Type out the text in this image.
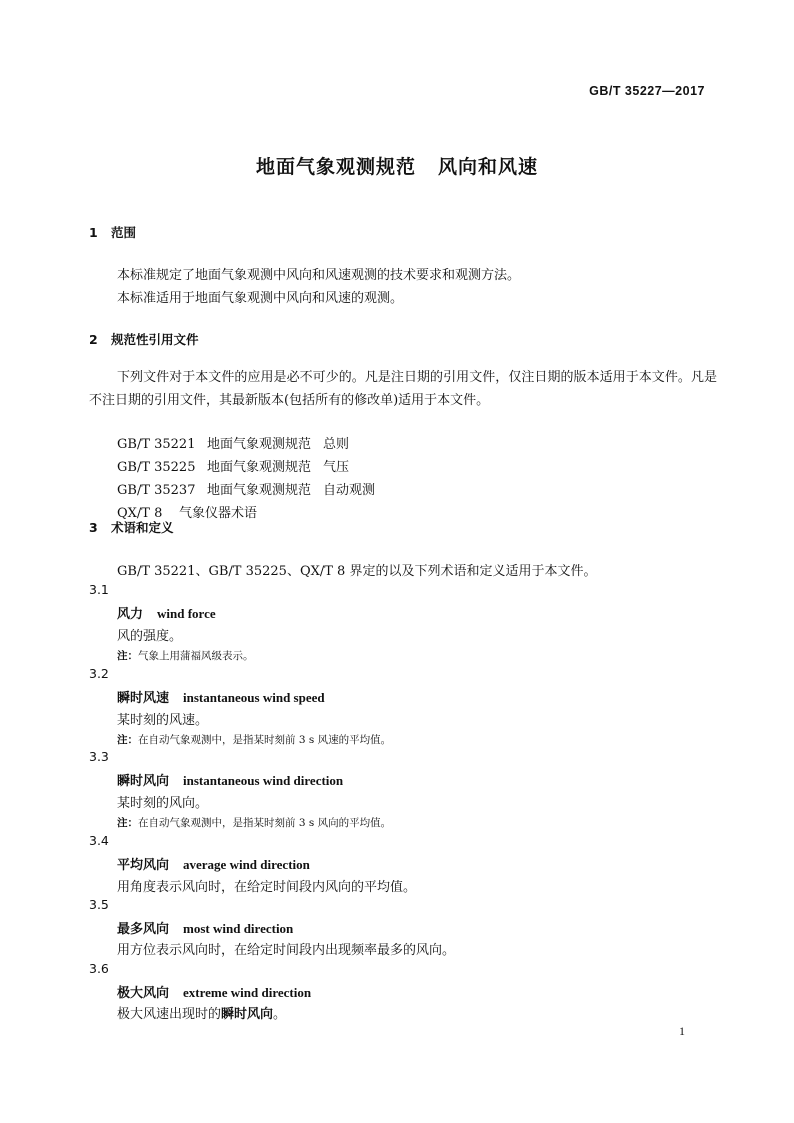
GB/T 35227—2017
地面气象观测规范 风向和风速
1 范围
本标准规定了地面气象观测中风向和风速观测的技术要求和观测方法。
本标准适用于地面气象观测中风向和风速的观测。
2 规范性引用文件
下列文件对于本文件的应用是必不可少的。凡是注日期的引用文件，仅注日期的版本适用于本文件。凡是不注日期的引用文件，其最新版本(包括所有的修改单)适用于本文件。
GB/T 35221 地面气象观测规范 总则
GB/T 35225 地面气象观测规范 气压
GB/T 35237 地面气象观测规范 自动观测
QX/T 8 气象仪器术语
3 术语和定义
GB/T 35221、GB/T 35225、QX/T 8 界定的以及下列术语和定义适用于本文件。
3.1
风力 wind force
风的强度。
注：气象上用蒲福风级表示。
3.2
瞬时风速 instantaneous wind speed
某时刻的风速。
注：在自动气象观测中，是指某时刻前 3 s 风速的平均值。
3.3
瞬时风向 instantaneous wind direction
某时刻的风向。
注：在自动气象观测中，是指某时刻前 3 s 风向的平均值。
3.4
平均风向 average wind direction
用角度表示风向时，在给定时间段内风向的平均值。
3.5
最多风向 most wind direction
用方位表示风向时，在给定时间段内出现频率最多的风向。
3.6
极大风向 extreme wind direction
极大风速出现时的瞬时风向。
1
